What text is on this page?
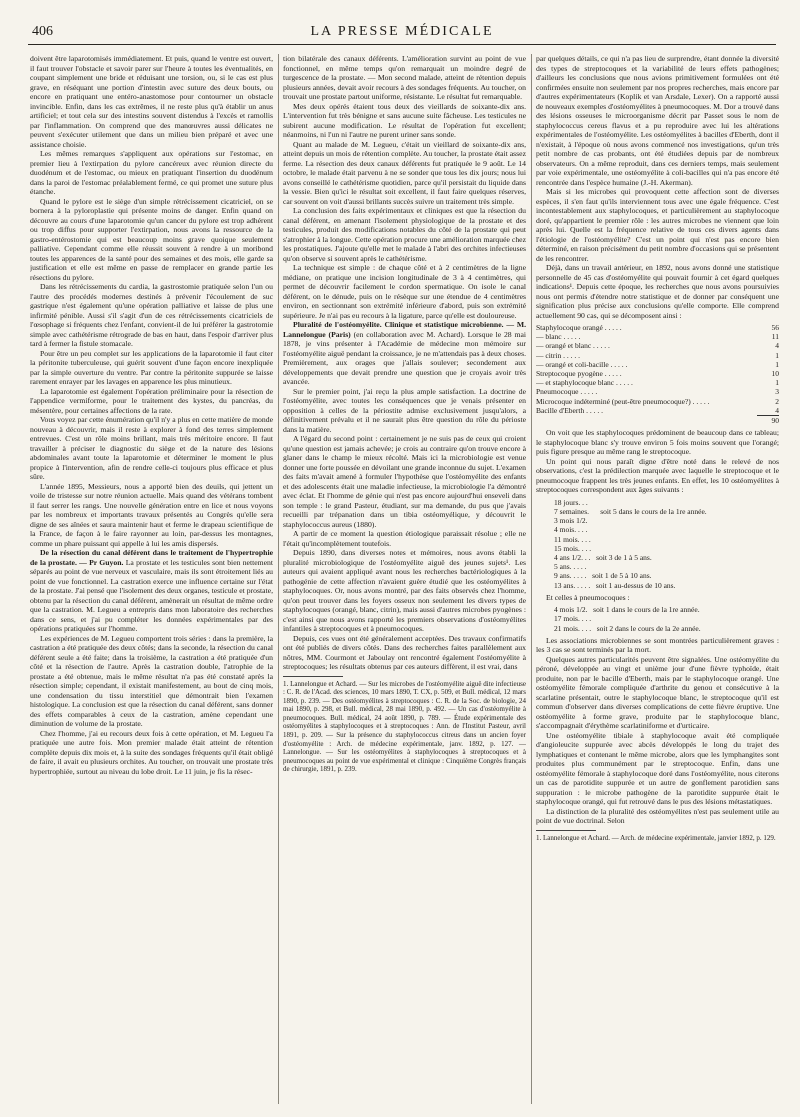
406	LA PRESSE MÉDICALE

doivent être laparotomisés immédiatement. Et puis, quand le ventre est ouvert, il faut trouver l'obstacle et savoir parer sur l'heure à toutes les éventualités, en coupant simplement une bride et réduisant une torsion, ou, si le cas est plus grave, en réséquant une portion d'intestin avec suture des deux bouts, ou encore en pratiquant une entéro-anastomose pour contourner un obstacle invincible. Enfin, dans les cas extrêmes, il ne reste plus qu'à établir un anus artificiel; et tout cela sur des intestins souvent distendus à l'excès et ramollis par l'inflammation. On comprend que des manœuvres aussi délicates ne peuvent s'exécuter utilement que dans un milieu bien préparé et avec une assistance choisie.

Les mêmes remarques s'appliquent aux opérations sur l'estomac, en premier lieu à l'extirpation du pylore cancéreux avec réunion directe du duodénum et de l'estomac, ou mieux en pratiquant l'insertion du duodénum dans la paroi de l'estomac préalablement fermé, ce qui promet une suture plus étanche.

Quand le pylore est le siège d'un simple rétrécissement cicatriciel, on se bornera à la pyloroplastie qui présente moins de danger. Enfin quand on découvre au cours d'une laparotomie qu'un cancer du pylore est trop adhérent ou trop diffus pour supporter l'extirpation, nous avons la ressource de la gastro-entérostomie qui est beaucoup moins grave quoique seulement palliative. Cependant comme elle réussit souvent à rendre à un moribond toutes les apparences de la santé pour des semaines et des mois, elle garde sa justification et elle est même en passe de remplacer en grande partie les résections du pylore.

Dans les rétrécissements du cardia, la gastrostomie pratiquée selon l'un ou l'autre des procédés modernes destinés à prévenir l'écoulement de suc gastrique n'est également qu'une opération palliative et laisse de plus une infirmité pénible. Aussi s'il s'agit d'un de ces rétrécissements cicatriciels de l'œsophage si fréquents chez l'enfant, convient-il de lui préférer la gastrotomie simple avec cathétérisme rétrograde de bas en haut, dans l'espoir d'arriver plus tard à fermer la fistule stomacale.

Pour être un peu complet sur les applications de la laparotomie il faut citer la péritonite tuberculeuse, qui guérit souvent d'une façon encore inexpliquée par la simple ouverture du ventre. Par contre la péritonite suppurée se laisse rarement enrayer par les lavages en apparence les plus minutieux.

La laparotomie est également l'opération préliminaire pour la résection de l'appendice vermiforme, pour le traitement des kystes, du pancréas, du mésentère, pour certaines affections de la rate.

Vous voyez par cette énumération qu'il n'y a plus en cette matière de monde nouveau à découvrir, mais il reste à explorer à fond des terres simplement entrevues. C'est un rôle moins brillant, mais très méritoire encore. Il faut travailler à préciser le diagnostic du siège et de la nature des lésions abdominales avant toute la laparotomie et déterminer le moment le plus propice à l'intervention, afin de rendre celle-ci toujours plus efficace et plus sûre.

L'année 1895, Messieurs, nous a apporté bien des deuils, qui jettent un voile de tristesse sur notre réunion actuelle. Mais quand des vétérans tombent il faut serrer les rangs. Une nouvelle génération entre en lice et nous voyons par les nombreux et importants travaux présentés au Congrès qu'elle sera digne de ses aînées et saura maintenir haut et ferme le drapeau scientifique de la France, de façon à le faire rayonner au loin, par-dessus les montagnes, comme un phare puissant qui appelle à lui les amis dispersés.

De la résection du canal déférent dans le traitement de l'hypertrophie de la prostate. — Pr Guyon. La prostate et les testicules sont bien nettement séparés au point de vue nerveux et vasculaire, mais ils sont étroitement liés au point de vue fonctionnel. La castration exerce une influence certaine sur l'état de la prostate. J'ai pensé que l'isolement des deux organes, testicule et prostate, obtenu par la résection du canal déférent, amènerait un résultat de même ordre que la castration. M. Legueu a entrepris dans mon laboratoire des recherches dans ce sens, et j'ai pu compléter les données expérimentales par des opérations pratiquées sur l'homme.

Les expériences de M. Legueu comportent trois séries : dans la première, la castration a été pratiquée des deux côtés; dans la seconde, la résection du canal déférent seule a été faite; dans la troisième, la castration a été pratiquée d'un côté et la résection de l'autre. Après la castration double, l'atrophie de la prostate a été obtenue, mais le même résultat n'a pas été constaté après la résection simple; cependant, il existait manifestement, au bout de cinq mois, une condensation du tissu interstitiel que démontrait bien l'examen histologique. La conclusion est que la résection du canal déférent, sans donner des effets comparables à ceux de la castration, amène cependant une diminution de volume de la prostate.

Chez l'homme, j'ai eu recours deux fois à cette opération, et M. Legueu l'a pratiquée une autre fois. Mon premier malade était atteint de rétention complète depuis dix mois et, à la suite des sondages fréquents qu'il était obligé de faire, il avait eu plusieurs orchites. Au toucher, on trouvait une prostate très hypertrophiée, surtout au niveau du lobe droit. Le 11 juin, je fis la résec-

tion bilatérale des canaux déférents. L'amélioration survint au point de vue fonctionnel, en même temps qu'on remarquait un moindre degré de turgescence de la prostate. — Mon second malade, atteint de rétention depuis plusieurs années, devait avoir recours à des sondages fréquents. Au toucher, on trouvait une prostate partout uniforme, résistante. Le résultat fut remarquable.

Mes deux opérés étaient tous deux des vieillards de soixante-dix ans. L'intervention fut très bénigne et sans aucune suite fâcheuse. Les testicules ne subirent aucune modification. Le résultat de l'opération fut excellent; néanmoins, ni l'un ni l'autre ne purent uriner sans sonde.

Quant au malade de M. Legueu, c'était un vieillard de soixante-dix ans, atteint depuis un mois de rétention complète. Au toucher, la prostate était assez ferme. La résection des deux canaux déférents fut pratiquée le 9 août. Le 14 octobre, le malade était parvenu à ne se sonder que tous les dix jours; nous lui avons conseillé le cathétérisme quotidien, parce qu'il persistait du liquide dans la vessie. Bien qu'ici le résultat soit excellent, il faut faire quelques réserves, car souvent on voit d'aussi brillants succès suivre un traitement très simple.

La conclusion des faits expérimentaux et cliniques est que la résection du canal déférent, en amenant l'isolement physiologique de la prostate et des testicules, produit des modifications notables du côté de la prostate qui peut s'atrophier à la longue. Cette opération procure une amélioration marquée chez les prostatiques. J'ajoute qu'elle met le malade à l'abri des orchites infectieuses qu'on observe si souvent après le cathétérisme.

La technique est simple : de chaque côté et à 2 centimètres de la ligne médiane, on pratique une incision longitudinale de 3 à 4 centimètres, qui permet de découvrir facilement le cordon spermatique. On isole le canal déférent, on le dénude, puis on le résèque sur une étendue de 4 centimètres environ, en sectionnant son extrémité inférieure d'abord, puis son extrémité supérieure. Je n'ai pas eu recours à la ligature, parce qu'elle est douloureuse.

Pluralité de l'ostéomyélite. Clinique et statistique microbienne. — M. Lannelongue (Paris) (en collaboration avec M. Achard). Lorsque le 28 mai 1878, je vins présenter à l'Académie de médecine mon mémoire sur l'ostéomyélite aiguë pendant la croissance, je ne m'attendais pas à deux choses. Premièrement, aux orages que j'allais soulever; secondement aux développements que devait prendre une question que je croyais avoir très avancée.

Sur le premier point, j'ai reçu la plus ample satisfaction. La doctrine de l'ostéomyélite, avec toutes les conséquences que je venais présenter en opposition à celles de la périostite admise exclusivement jusqu'alors, a définitivement prévalu et il ne saurait plus être question du rôle du périoste dans la matière.

A l'égard du second point : certainement je ne suis pas de ceux qui croient qu'une question est jamais achevée; je crois au contraire qu'on trouve encore à glaner dans le champ le mieux récolté. Mais ici la microbiologie est venue donner une forte poussée en dévoilant une grande inconnue du sujet. L'examen des faits m'avait amené à formuler l'hypothèse que l'ostéomyélite des enfants et des adolescents était une maladie infectieuse, la microbiologie l'a démontré avec éclat. Et l'homme de génie qui n'est pas encore aujourd'hui enseveli dans son temple : le grand Pasteur, étudiant, sur ma demande, du pus que j'avais recueilli par trépanation dans un tibia ostéomyélique, y découvrit le staphylococcus aureus (1880).

A partir de ce moment la question étiologique paraissait résolue ; elle ne l'était qu'incomplètement toutefois.

Depuis 1890, dans diverses notes et mémoires, nous avons établi la pluralité microbiologique de l'ostéomyélite aiguë des jeunes sujets¹. Les auteurs qui avaient appliqué avant nous les recherches bactériologiques à la pathogénie de cette affection n'avaient guère étudié que les ostéomyélites à staphylocoques. Or, nous avons montré, par des faits observés chez l'homme, qu'on peut trouver dans les foyers osseux non seulement les divers types de staphylocoques (orangé, blanc, citrin), mais aussi d'autres microbes pyogènes : c'est ainsi que nous avons rapporté les premiers observations d'ostéomyélites infantiles à streptocoques et à pneumocoques.

Depuis, ces vues ont été généralement acceptées. Des travaux confirmatifs ont été publiés de divers côtés. Dans des recherches faites parallèlement aux nôtres, MM. Courmont et Jaboulay ont rencontré également l'ostéomyélite à streptocoques; les résultats obtenus par ces auteurs diffèrent, il est vrai, dans

1. Lannelongue et Achard. — Sur les microbes de l'ostéomyélite aiguë dite infectieuse : C. R. de l'Acad. des sciences, 10 mars 1890, T. CX, p. 509, et Bull. médical, 12 mars 1890, p. 239. — Des ostéomyélites à streptocoques : C. R. de la Soc. de biologie, 24 mai 1890, p. 298, et Bull. médical, 28 mai 1890, p. 492. — Un cas d'ostéomyélite à pneumocoques. Bull. médical, 24 août 1890, p. 789. — Étude expérimentale des ostéomyélites à staphylocoques et à streptocoques : Ann. de l'Institut Pasteur, avril 1891, p. 209. — Sur la présence du staphylococcus citreus dans un ancien foyer d'ostéomyélite : Arch. de médecine expérimentale, janv. 1892, p. 127. — Lannelongue. — Sur les ostéomyélites à staphylocoques à streptocoques et à pneumocoques au point de vue expérimental et clinique : Cinquième Congrès français de chirurgie, 1891, p. 239.

par quelques détails, ce qui n'a pas lieu de surprendre, étant donnée la diversité des types de streptocoques et la variabilité de leurs effets pathogènes; d'ailleurs les conclusions que nous avions primitivement formulées ont été confirmées ensuite non seulement par nos propres recherches, mais encore par d'autres expérimentateurs (Koplik et van Arsdale, Lexer). On a rapporté aussi de nouveaux exemples d'ostéomyélites à pneumocoques. M. Dor a trouvé dans des lésions osseuses le microorganisme décrit par Passet sous le nom de staphylococcus cereus flavus et a pu reproduire avec lui les altérations expérimentales de l'ostéomyélite. Les ostéomyélites à bacilles d'Eberth, dont il n'existait, à l'époque où nous avons commencé nos investigations, qu'un très petit nombre de cas probants, ont été étudiées depuis par de nombreux observateurs. On a même reproduit, dans ces derniers temps, mais seulement par voie expérimentale, une ostéomyélite à coli-bacilles qui n'a pas encore été rencontrée dans l'espèce humaine (J.-H. Akerman).

Mais si les microbes qui provoquent cette affection sont de diverses espèces, il s'en faut qu'ils interviennent tous avec une égale fréquence. C'est incontestablement aux staphylocoques, et particulièrement au staphylocoque doré, qu'appartient le premier rôle : les autres microbes ne viennent que loin après lui. Quelle est la fréquence relative de tous ces divers agents dans l'étiologie de l'ostéomyélite? C'est un point qui n'est pas encore bien déterminé, en raison précisément du petit nombre d'occasions qui se présentent de les rencontrer.

Déjà, dans un travail antérieur, en 1892, nous avons donné une statistique personnelle de 45 cas d'ostéomyélite qui pouvait fournir à cet égard quelques indications¹. Depuis cette époque, les recherches que nous avons poursuivies nous ont permis d'étendre notre statistique et de donner par conséquent une signification plus précise aux conclusions qu'elle comporte. Elle comprend actuellement 90 cas, qui se décomposent ainsi :

Staphylocoque orangé . . . . .	56
— blanc . . . . .	11
— orangé et blanc . . . . .	4
— citrin . . . . .	1
— orangé et coli-bacille . . . . .	1
Streptocoque pyogène . . . . .	10
— et staphylocoque blanc . . . . .	1
Pneumocoque . . . . .	3
Microcoque indéterminé (peut-être pneumocoque?) . . . . .	2
Bacille d'Eberth . . . . .	4
	90

On voit que les staphylocoques prédominent de beaucoup dans ce tableau; le staphylocoque blanc s'y trouve environ 5 fois moins souvent que l'orangé; puis figure presque au même rang le streptocoque.

Un point qui nous paraît digne d'être noté dans le relevé de nos observations, c'est la prédilection marquée avec laquelle le streptocoque et le pneumocoque frappent les très jeunes enfants. En effet, les 10 ostéomyélites à streptocoques correspondent aux âges suivants :

18 jours. . .
7 semaines.      soit 5 dans le cours de la 1re année.
3 mois 1/2.
4 mois. . . .
11 mois. . . .
15 mois. . . .
4 ans 1/2. . .   soit 3 de 1 à 5 ans.
5 ans. . . . .
9 ans. . . . .   soit 1 de 5 à 10 ans.
13 ans. . . . .   soit 1 au-dessus de 10 ans.

Et celles à pneumocoques :

4 mois 1/2.   soit 1 dans le cours de la 1re année.
17 mois. . . .
21 mois. . . .   soit 2 dans le cours de la 2e année.

Les associations microbiennes se sont montrées particulièrement graves : les 3 cas se sont terminés par la mort.

Quelques autres particularités peuvent être signalées. Une ostéomyélite du péroné, développée au vingt et unième jour d'une fièvre typhoïde, était produite, non par le bacille d'Eberth, mais par le staphylocoque orangé. Une ostéomyélite fémorale compliquée d'arthrite du genou et consécutive à la scarlatine présentait, outre le staphylocoque blanc, le streptocoque qu'il est commun d'observer dans diverses complications de cette fièvre éruptive. Une ostéomyélite à forme grave, produite par le staphylocoque blanc, s'accompagnait d'érythème scarlatiniforme et d'urticaire.

Une ostéomyélite tibiale à staphylocoque avait été compliquée d'angioleucite suppurée avec abcès développés le long du trajet des lymphatiques et contenant le même microbe, alors que les lymphangites sont produites plus communément par le streptocoque. Enfin, dans une ostéomyélite fémorale à staphylocoque doré dans l'ostéomyélite, nous citerons un cas de parotidite suppurée et un autre de gonflement parotidien sans suppuration : le microbe pathogène de la parotidite suppurée était le staphylocoque orangé, qui fut retrouvé dans le pus des lésions métastatiques.

La distinction de la pluralité des ostéomyélites n'est pas seulement utile au point de vue doctrinal. Selon

1. Lannelongue et Achard. — Arch. de médecine expérimentale, janvier 1892, p. 129.
